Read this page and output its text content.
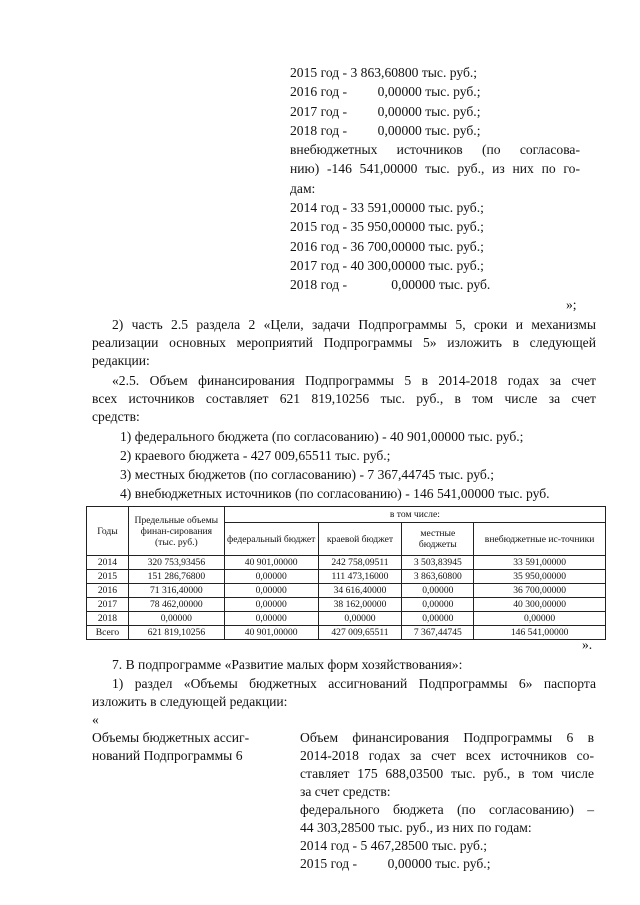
2015 год - 3 863,60800 тыс. руб.;
2016 год -         0,00000 тыс. руб.;
2017 год -         0,00000 тыс. руб.;
2018 год -         0,00000 тыс. руб.;
внебюджетных источников (по согласова-
нию) -146 541,00000 тыс. руб., из них по го-
дам:
2014 год - 33 591,00000 тыс. руб.;
2015 год - 35 950,00000 тыс. руб.;
2016 год - 36 700,00000 тыс. руб.;
2017 год - 40 300,00000 тыс. руб.;
2018 год -             0,00000 тыс. руб.
»;
2) часть 2.5 раздела 2 «Цели, задачи Подпрограммы 5, сроки и механизмы
реализации основных мероприятий Подпрограммы 5» изложить в следующей
редакции:
«2.5. Объем финансирования Подпрограммы 5 в 2014-2018 годах за счет
всех источников составляет 621 819,10256 тыс. руб., в том числе за счет
средств:
1) федерального бюджета (по согласованию) - 40 901,00000 тыс. руб.;
2) краевого бюджета - 427 009,65511 тыс. руб.;
3) местных бюджетов (по согласованию) - 7 367,44745 тыс. руб.;
4) внебюджетных источников (по согласованию) - 146 541,00000 тыс. руб.
Годы	Предельные объемы финан-сирования (тыс. руб.)	в том числе:			
		федеральный бюджет	краевой бюджет	местные бюджеты	внебюджетные ис-точники
2014	320 753,93456	40 901,00000	242 758,09511	3 503,83945	33 591,00000
2015	151 286,76800	0,00000	111 473,16000	3 863,60800	35 950,00000
2016	71 316,40000	0,00000	34 616,40000	0,00000	36 700,00000
2017	78 462,00000	0,00000	38 162,00000	0,00000	40 300,00000
2018	0,00000	0,00000	0,00000	0,00000	0,00000
Всего	621 819,10256	40 901,00000	427 009,65511	7 367,44745	146 541,00000
».
7. В подпрограмме «Развитие малых форм хозяйствования»:
1) раздел «Объемы бюджетных ассигнований Подпрограммы 6» паспорта
изложить в следующей редакции:
«
Объемы бюджетных ассиг-
нований Подпрограммы 6
Объем финансирования Подпрограммы 6 в
2014-2018 годах за счет всех источников со-
ставляет 175 688,03500 тыс. руб., в том числе
за счет средств:
федерального бюджета (по согласованию) –
44 303,28500 тыс. руб., из них по годам:
2014 год - 5 467,28500 тыс. руб.;
2015 год -         0,00000 тыс. руб.;
